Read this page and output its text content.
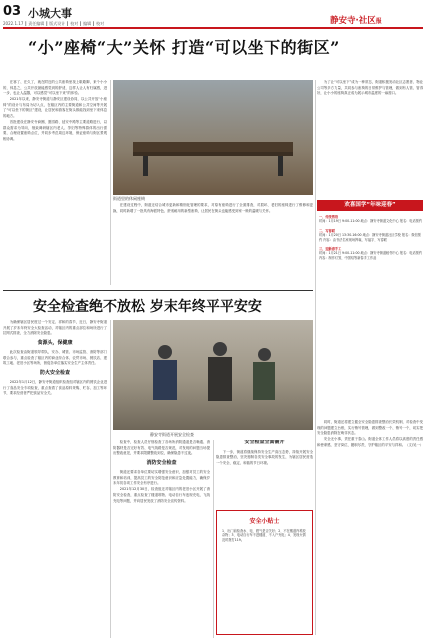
03 小城大事
2022.1.17 ┃ 责任编辑 ┃ 版式设计 ┃ 校对 ┃ 编辑 ┃ 校对	静安寺·社区报
“小”座椅“大”关怀 打造“可以坐下的街区”
街道里的休闲座椅

在寒了、在久了，就在附近的公共座椅里找上歇歇脚，来个小小的，休息之，公共开放最能感觉到的舒适，这样人让人有归属感，进一步，也让人温馨，可以感觉“可以坐下来”的体验。

2021年以来，静安寺街道与静安区建设协同，以公共开放“小座椅”的设计与布局为切入点，在辖区内的主要街道和公共空间等开展了“可以坐下的街区”建设，让居民和游客在街头都能找到坐下来休息的地方。

首批建设在静安寺商圈、愚园路、延安中路等主要道路进行，以群众需求为导向，细致调研辖区内老人、孕妇等特殊群体的出行需要，合理设置座椅点位，并同步考虑周边环境，保证座椅与街区景观相协调。

在建设过程中，街道还结合城市更新和精细化管理的要求，对原有座椅进行了全面排查，对损坏、老旧的座椅进行了维修和更换，同时新增了一批具有海派特色、舒适耐用的新型座椅，让居民在街头也能感受到家一般的温暖与关怀。

为了让“可以坐下”成为一种常态，街道积极发动社区志愿者、物业公司等多方力量，共同参与座椅的日常维护与管理，做到有人管、管得好，让小小的座椅真正成为展示城市温度的一扇窗口。

欢喜国学“年味迎春”

一、传统剪纸

时间：1月19日 9:00-11:00 地点：静安寺街道文化中心 报名：电话预约

二、写春联

时间：1月20日 13:30-16:00 地点：静安寺街道社区学校 报名：微信预约 内容：由书法名家现场挥毫，写福字、写春联

三、迎新春手工

时间：1月21日 9:00-11:00 地点：静安寺街道睦邻中心 报名：电话预约 内容：制作灯笼、中国结等新春手工作品

安全检查绝不放松 岁末年终平平安安
静安寺街道开展安全检查

为确保辖区居民度过一个安定、祥和的春节，近日，静安寺街道开展了岁末年终安全大检查活动，对辖区内的重点部位和场所进行了拉网式排查，全力消除安全隐患。

食源头，保健康

此次检查由街道领导带队，安办、城管、市场监管、消防等部门联合参与，重点检查了辖区内的商业综合体、农贸市场、餐饮店、建筑工地、老旧小区等场所，督促各单位落实安全生产主体责任。

防火安全检查

2022年1月12日，静安寺街道组织检查组对辖区内的餐饮企业进行了食品安全专项检查，重点查看了食品原料采购、贮存、加工等环节，要求经营者严把食品安全关。

检查中，检查人员仔细检查了各场所消防通道是否畅通、消防器材是否完好有效、电气线路是否规范，对发现的问题当场提出整改意见，并要求限期整改到位，确保隐患不过夜。

消防安全检查

街道还要求各单位要切实增强安全意识，加强对员工的安全教育和培训，提高员工的安全防范意识和应急处置能力，确保岁末年初各项工作安全有序进行。

2021年12月30日，检查组还对辖区内的老旧小区开展了消防安全检查，重点检查了楼道堆物、电动自行车违规充电、飞线充电等问题，并向居民发放了消防安全宣传资料。

安全检查全面铺开

下一步，街道将继续保持安全生产高压态势，持续开展安全隐患排查整治，坚决遏制各类安全事故的发生，为辖区居民营造一个安全、稳定、和谐的节日环境。

安全小贴士
1、出门前检查水、电、燃气是否关好；2、不在楼道内堆放杂物；3、电动自行车不进楼道、不入户充电；4、发现火情及时拨打119。

同时，街道还将建立健全安全隐患排查整治长效机制，对检查中发现的问题建立台账，实行销号管理，做到整改一个、销号一个，切实把安全隐患消除在萌芽状态。

安全无小事，责任重于泰山。街道全体工作人员将以高度的责任感和使命感，坚守岗位、履职尽责，守护辖区的平安与祥和。（文/吴一）
